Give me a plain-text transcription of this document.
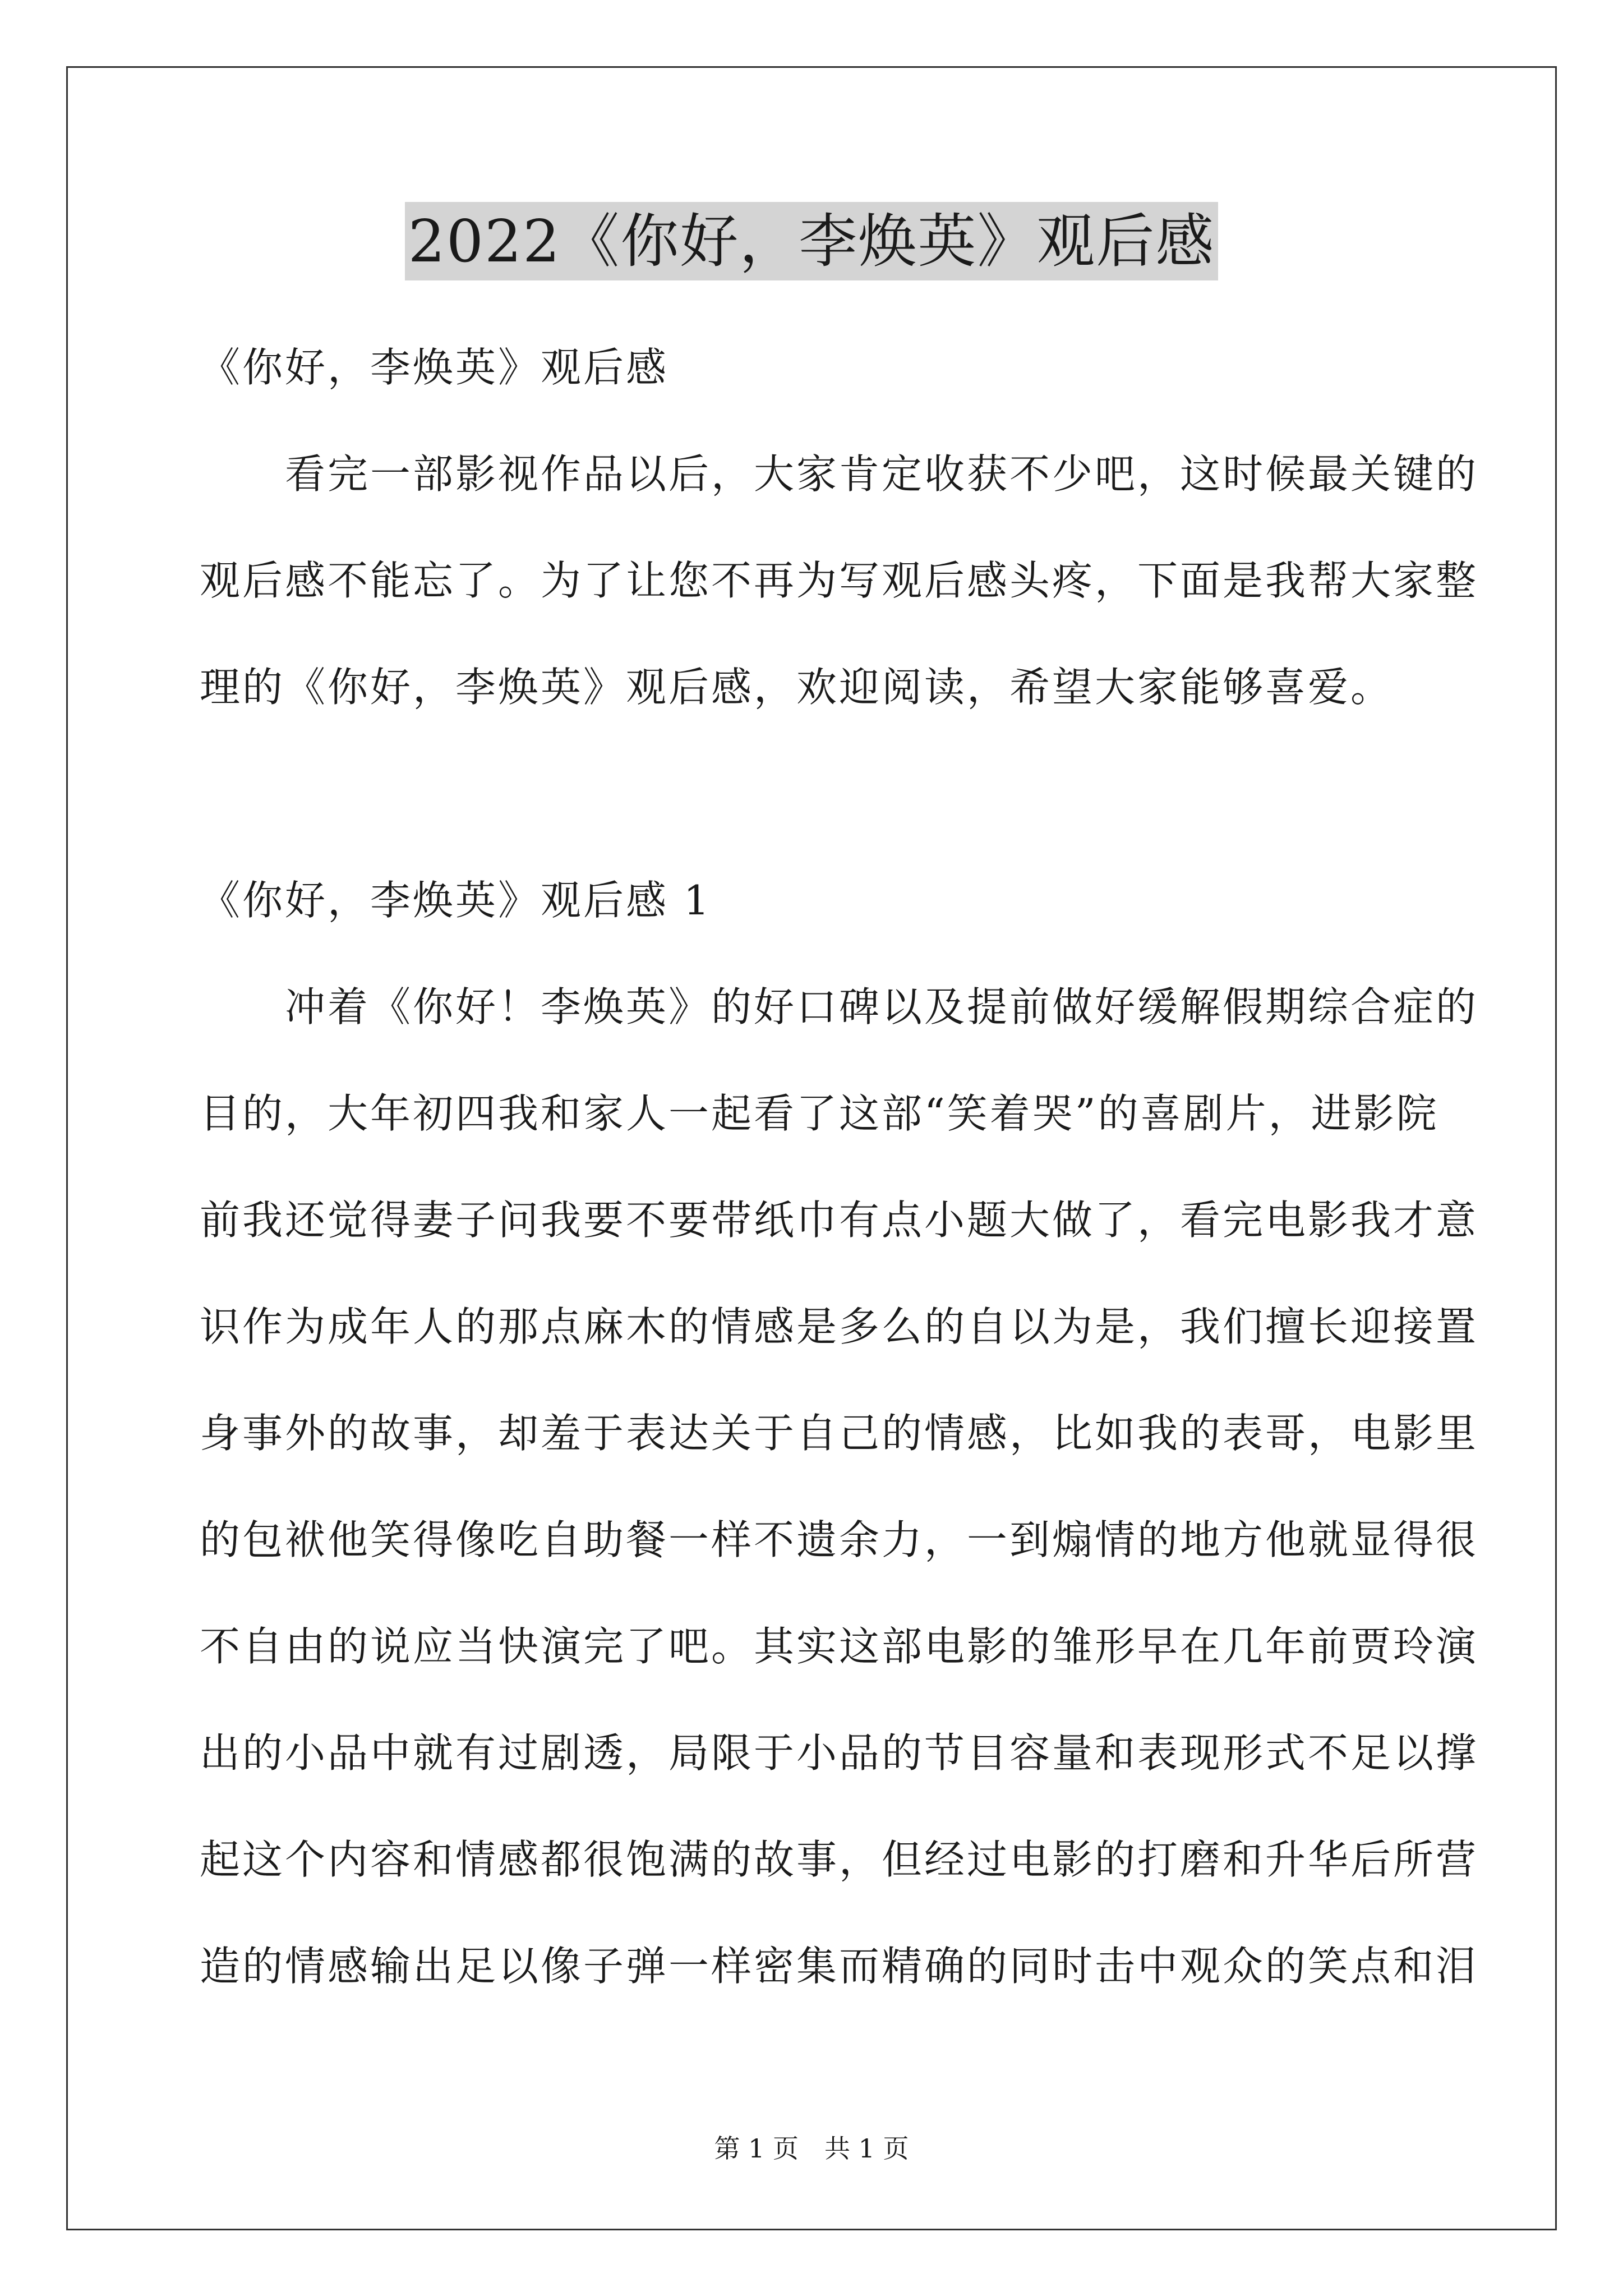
2022《你好，李焕英》观后感
《你好，李焕英》观后感
　　看完一部影视作品以后，大家肯定收获不少吧，这时候最关键的
观后感不能忘了。为了让您不再为写观后感头疼，下面是我帮大家整
理的《你好，李焕英》观后感，欢迎阅读，希望大家能够喜爱。
《你好，李焕英》观后感 1
　　冲着《你好！李焕英》的好口碑以及提前做好缓解假期综合症的
目的，大年初四我和家人一起看了这部“笑着哭”的喜剧片，进影院
前我还觉得妻子问我要不要带纸巾有点小题大做了，看完电影我才意
识作为成年人的那点麻木的情感是多么的自以为是，我们擅长迎接置
身事外的故事，却羞于表达关于自己的情感，比如我的表哥，电影里
的包袱他笑得像吃自助餐一样不遗余力，一到煽情的地方他就显得很
不自由的说应当快演完了吧。其实这部电影的雏形早在几年前贾玲演
出的小品中就有过剧透，局限于小品的节目容量和表现形式不足以撑
起这个内容和情感都很饱满的故事，但经过电影的打磨和升华后所营
造的情感输出足以像子弹一样密集而精确的同时击中观众的笑点和泪
第 1 页　共 1 页
